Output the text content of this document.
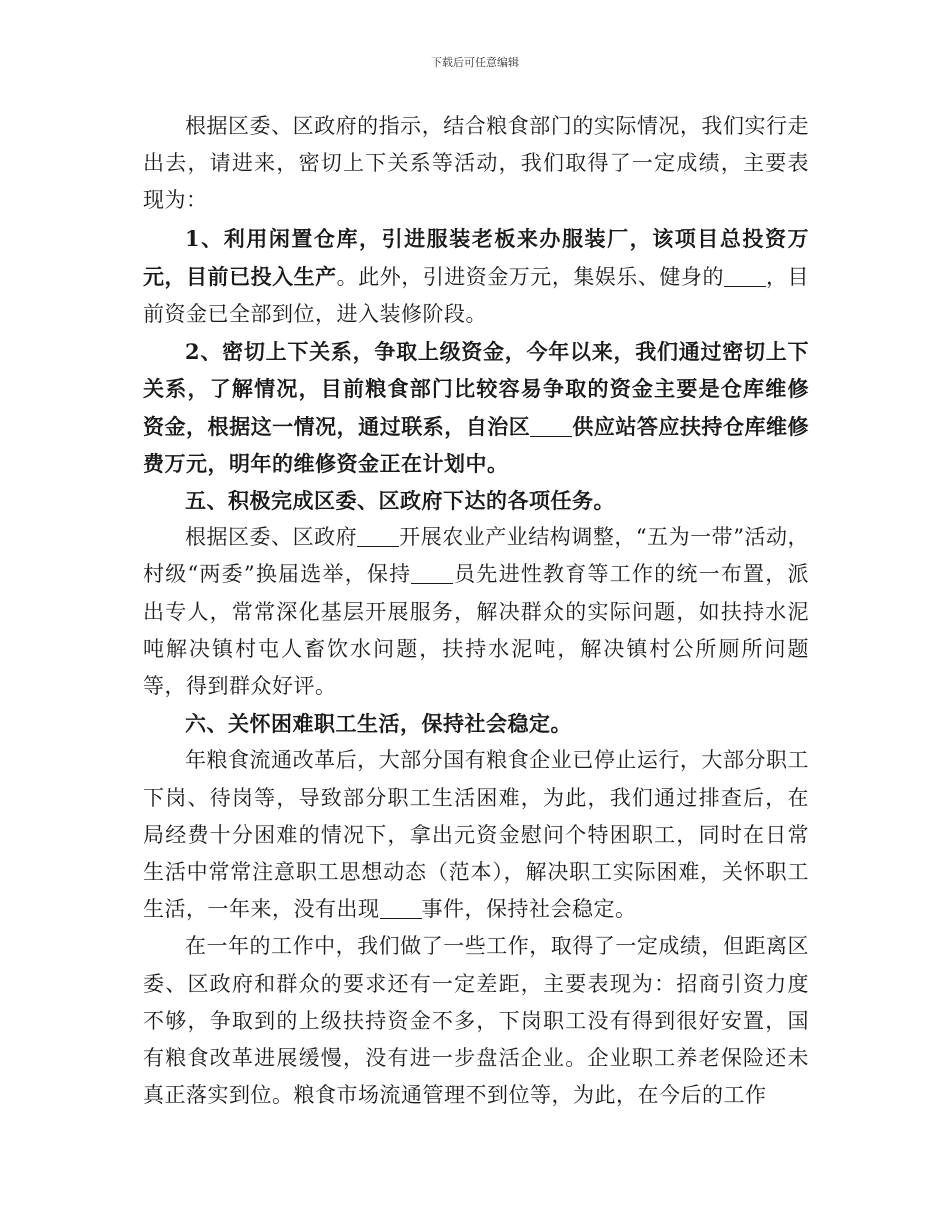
下载后可任意编辑

根据区委、区政府的指示，结合粮食部门的实际情况，我们实行走出去，请进来，密切上下关系等活动，我们取得了一定成绩，主要表现为：

1、利用闲置仓库，引进服装老板来办服装厂，该项目总投资万元，目前已投入生产。此外，引进资金万元，集娱乐、健身的 ，目前资金已全部到位，进入装修阶段。

2、密切上下关系，争取上级资金，今年以来，我们通过密切上下关系，了解情况，目前粮食部门比较容易争取的资金主要是仓库维修资金，根据这一情况，通过联系，自治区 供应站答应扶持仓库维修费万元，明年的维修资金正在计划中。

五、积极完成区委、区政府下达的各项任务。

根据区委、区政府 开展农业产业结构调整，“五为一带”活动，村级“两委”换届选举，保持 员先进性教育等工作的统一布置，派出专人，常常深化基层开展服务，解决群众的实际问题，如扶持水泥吨解决镇村屯人畜饮水问题，扶持水泥吨，解决镇村公所厕所问题等，得到群众好评。

六、关怀困难职工生活，保持社会稳定。

年粮食流通改革后，大部分国有粮食企业已停止运行，大部分职工下岗、待岗等，导致部分职工生活困难，为此，我们通过排查后，在局经费十分困难的情况下，拿出元资金慰问个特困职工，同时在日常生活中常常注意职工思想动态（范本），解决职工实际困难，关怀职工生活，一年来，没有出现 事件，保持社会稳定。

在一年的工作中，我们做了一些工作，取得了一定成绩，但距离区委、区政府和群众的要求还有一定差距，主要表现为：招商引资力度不够，争取到的上级扶持资金不多，下岗职工没有得到很好安置，国有粮食改革进展缓慢，没有进一步盘活企业。企业职工养老保险还未真正落实到位。粮食市场流通管理不到位等，为此，在今后的工作
